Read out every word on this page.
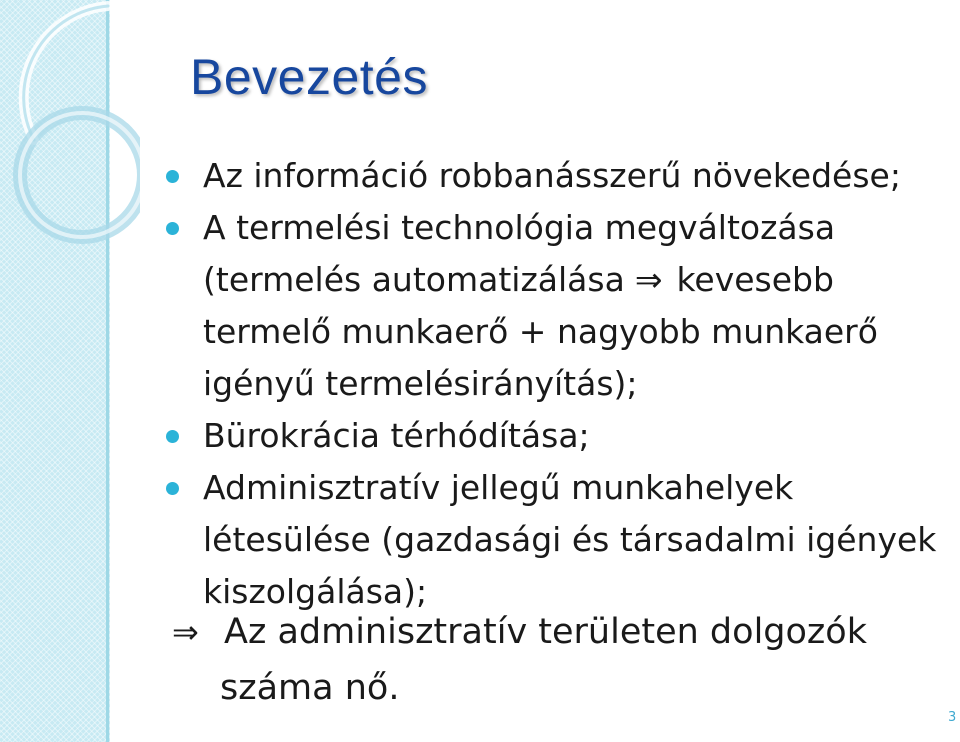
Bevezetés
Az információ robbanásszerű növekedése;
A termelési technológia megváltozása
(termelés automatizálása ⇒ kevesebb
termelő munkaerő + nagyobb munkaerő
igényű termelésirányítás);
Bürokrácia térhódítása;
Adminisztratív jellegű munkahelyek
létesülése (gazdasági és társadalmi igények
kiszolgálása);
⇒ Az adminisztratív területen dolgozók
száma nő.
3
